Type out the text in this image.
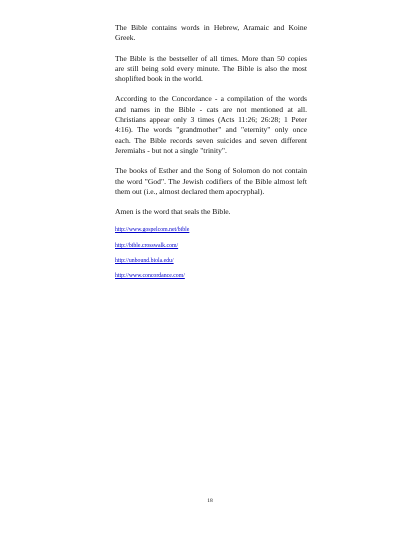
The Bible contains words in Hebrew, Aramaic and Koine Greek.

The Bible is the bestseller of all times. More than 50 copies are still being sold every minute. The Bible is also the most shoplifted book in the world.

According to the Concordance - a compilation of the words and names in the Bible - cats are not mentioned at all. Christians appear only 3 times (Acts 11:26; 26:28; 1 Peter 4:16). The words "grandmother" and "eternity" only once each. The Bible records seven suicides and seven different Jeremiahs - but not a single "trinity".

The books of Esther and the Song of Solomon do not contain the word "God". The Jewish codifiers of the Bible almost left them out (i.e., almost declared them apocryphal).

Amen is the word that seals the Bible.

http://www.gospelcom.net/bible
http://bible.crosswalk.com/
http://unbound.biola.edu/
http://www.concordance.com/
18
